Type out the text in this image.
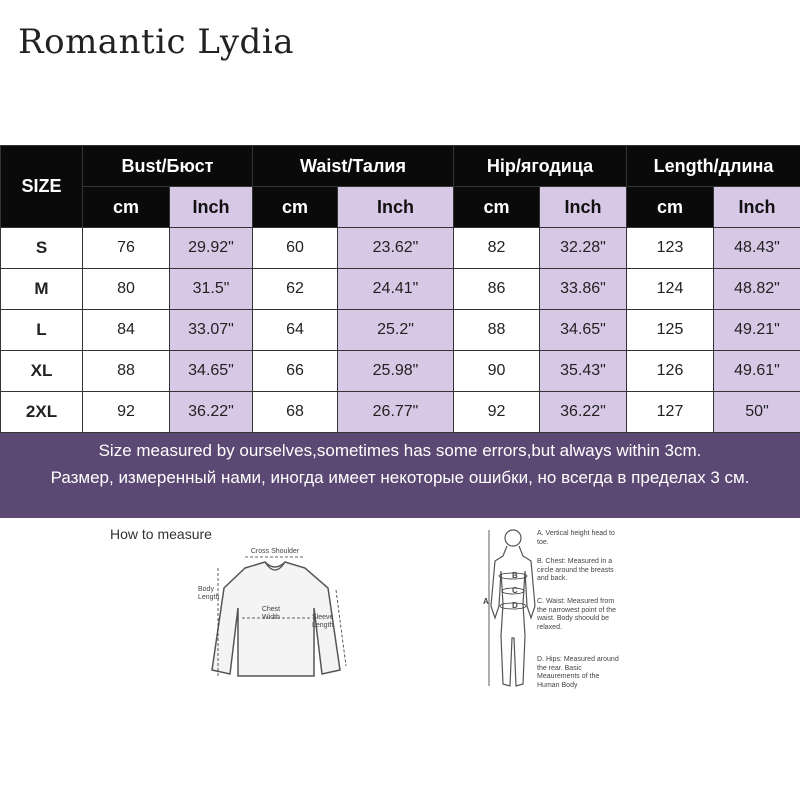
Romantic Lydia
SIZE	Bust/Бюст		Waist/Талия		Hip/ягодица		Length/длина	
	cm	Inch	cm	Inch	cm	Inch	cm	Inch
S	76	29.92"	60	23.62"	82	32.28"	123	48.43"
M	80	31.5"	62	24.41"	86	33.86"	124	48.82"
L	84	33.07"	64	25.2"	88	34.65"	125	49.21"
XL	88	34.65"	66	25.98"	90	35.43"	126	49.61"
2XL	92	36.22"	68	26.77"	92	36.22"	127	50"
Size measured by ourselves,sometimes has some errors,but always within 3cm.
Размер, измеренный нами, иногда имеет некоторые ошибки, но всегда в пределах 3 см.
How to measure
Cross Shoulder
Body Length
Chest Width	Sleeve Length
A
B
C
D
A. Vertical height head to toe.
B. Chest: Measured in a circle around the breasts and back.
C. Waist: Measured from the narrowest point of the waist. Body shoould be relaxed.
D. Hips: Measured around the rear. Basic Meaurements of the Human Body
